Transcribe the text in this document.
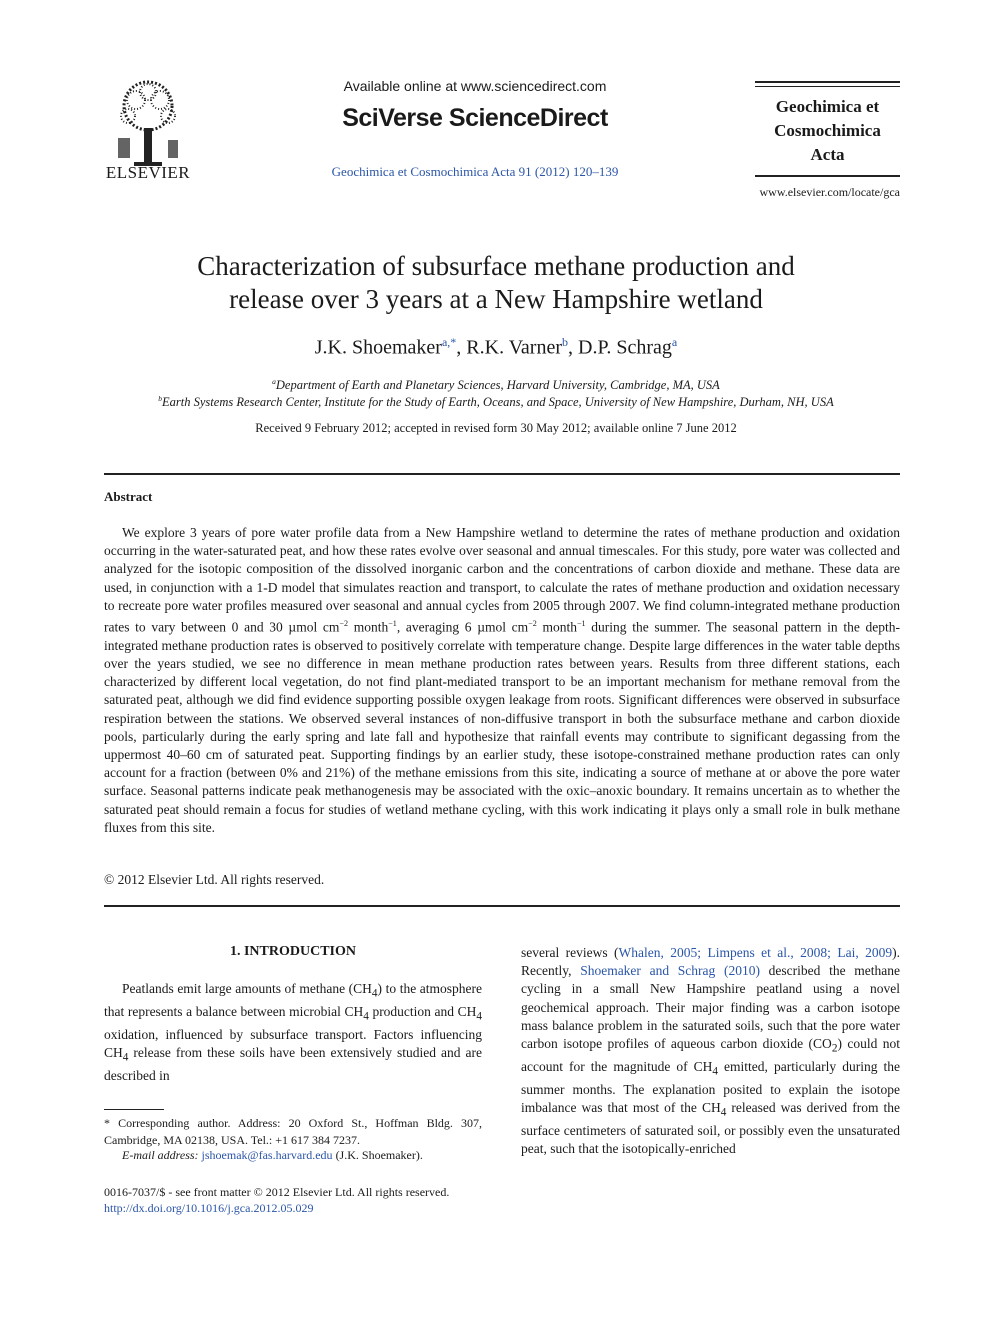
ELSEVIER
Available online at www.sciencedirect.com
SciVerse ScienceDirect
Geochimica et Cosmochimica Acta 91 (2012) 120–139
Geochimica et
Cosmochimica
Acta
www.elsevier.com/locate/gca
Characterization of subsurface methane production and
release over 3 years at a New Hampshire wetland
J.K. Shoemaker$^{a,*}$, R.K. Varner$^b$, D.P. Schrag$^a$
$^a$Department of Earth and Planetary Sciences, Harvard University, Cambridge, MA, USA
$^b$Earth Systems Research Center, Institute for the Study of Earth, Oceans, and Space, University of New Hampshire, Durham, NH, USA
Received 9 February 2012; accepted in revised form 30 May 2012; available online 7 June 2012
Abstract
We explore 3 years of pore water profile data from a New Hampshire wetland to determine the rates of methane production and oxidation occurring in the water-saturated peat, and how these rates evolve over seasonal and annual timescales. For this study, pore water was collected and analyzed for the isotopic composition of the dissolved inorganic carbon and the concentrations of carbon dioxide and methane. These data are used, in conjunction with a 1-D model that simulates reaction and transport, to calculate the rates of methane production and oxidation necessary to recreate pore water profiles measured over seasonal and annual cycles from 2005 through 2007. We find column-integrated methane production rates to vary between 0 and 30 µmol $cm^{-2}$ month$^{-1}$, averaging 6 µmol $cm^{-2}$ month$^{-1}$ during the summer. The seasonal pattern in the depth-integrated methane production rates is observed to positively correlate with temperature change. Despite large differences in the water table depths over the years studied, we see no difference in mean methane production rates between years. Results from three different stations, each characterized by different local vegetation, do not find plant-mediated transport to be an important mechanism for methane removal from the saturated peat, although we did find evidence supporting possible oxygen leakage from roots. Significant differences were observed in subsurface respiration between the stations. We observed several instances of non-diffusive transport in both the subsurface methane and carbon dioxide pools, particularly during the early spring and late fall and hypothesize that rainfall events may contribute to significant degassing from the uppermost 40–60 cm of saturated peat. Supporting findings by an earlier study, these isotope-constrained methane production rates can only account for a fraction (between 0% and 21%) of the methane emissions from this site, indicating a source of methane at or above the pore water surface. Seasonal patterns indicate peak methanogenesis may be associated with the oxic–anoxic boundary. It remains uncertain as to whether the saturated peat should remain a focus for studies of wetland methane cycling, with this work indicating it plays only a small role in bulk methane fluxes from this site.
© 2012 Elsevier Ltd. All rights reserved.
1. INTRODUCTION
Peatlands emit large amounts of methane $(CH_4)$ to the atmosphere that represents a balance between microbial $CH_4$ production and $CH_4$ oxidation, influenced by subsurface transport. Factors influencing $CH_4$ release from these soils have been extensively studied and are described in
* Corresponding author. Address: 20 Oxford St., Hoffman Bldg. 307, Cambridge, MA 02138, USA. Tel.: +1 617 384 7237.
E-mail address: jshoemak@fas.harvard.edu (J.K. Shoemaker).
0016-7037/$ - see front matter © 2012 Elsevier Ltd. All rights reserved.
http://dx.doi.org/10.1016/j.gca.2012.05.029
several reviews (Whalen, 2005; Limpens et al., 2008; Lai, 2009). Recently, Shoemaker and Schrag (2010) described the methane cycling in a small New Hampshire peatland using a novel geochemical approach. Their major finding was a carbon isotope mass balance problem in the saturated soils, such that the pore water carbon isotope profiles of aqueous carbon dioxide $(CO_2)$ could not account for the magnitude of $CH_4$ emitted, particularly during the summer months. The explanation posited to explain the isotope imbalance was that most of the $CH_4$ released was derived from the surface centimeters of saturated soil, or possibly even the unsaturated peat, such that the isotopically-enriched
